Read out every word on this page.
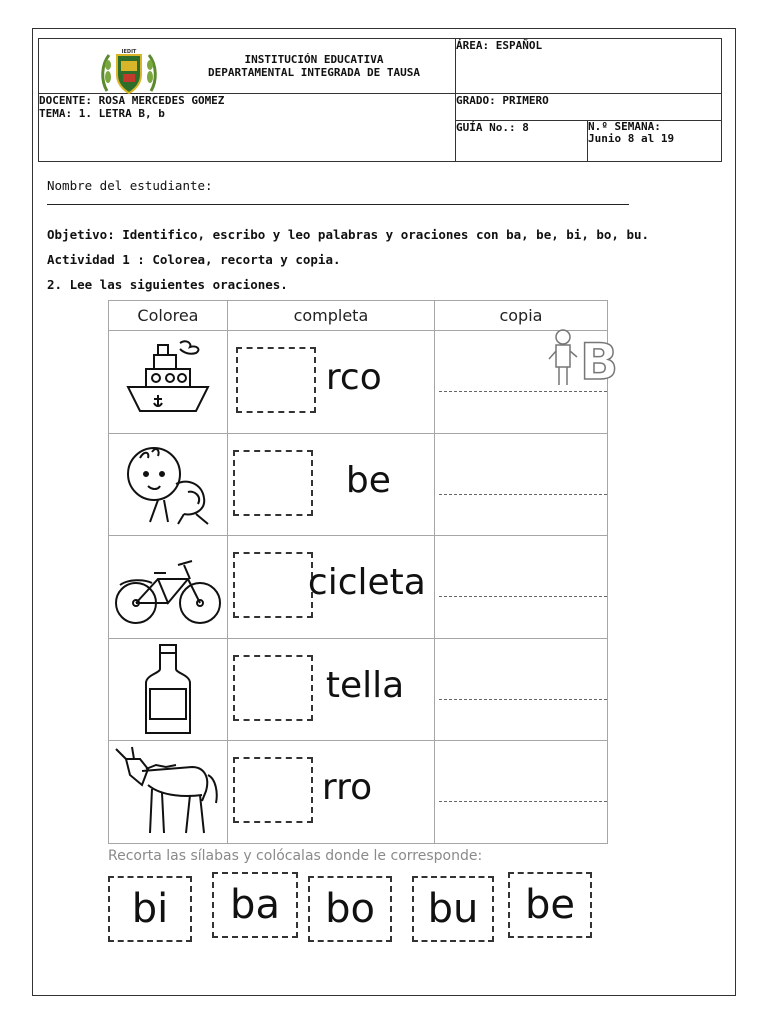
IEDIT
INSTITUCIÓN EDUCATIVA
DEPARTAMENTAL INTEGRADA DE TAUSA	ÁREA: ESPAÑOL	

DOCENTE: ROSA MERCEDES GOMEZ
TEMA: 1. LETRA B, b	GRADO: PRIMERO	
	GUÍA No.: 8	N.º SEMANA:
Junio 8 al 19
Nombre del estudiante:
Objetivo: Identifico, escribo y leo palabras y oraciones con ba, be, bi, bo, bu.
Actividad 1 : Colorea, recorta y copia.
2. Lee las siguientes oraciones.
Colorea	completa	copia

rco	B

be	

cicleta	

tella	

rro	

Recorta las sílabas y colócalas donde le corresponde:
bi	ba	bo	bu	be
